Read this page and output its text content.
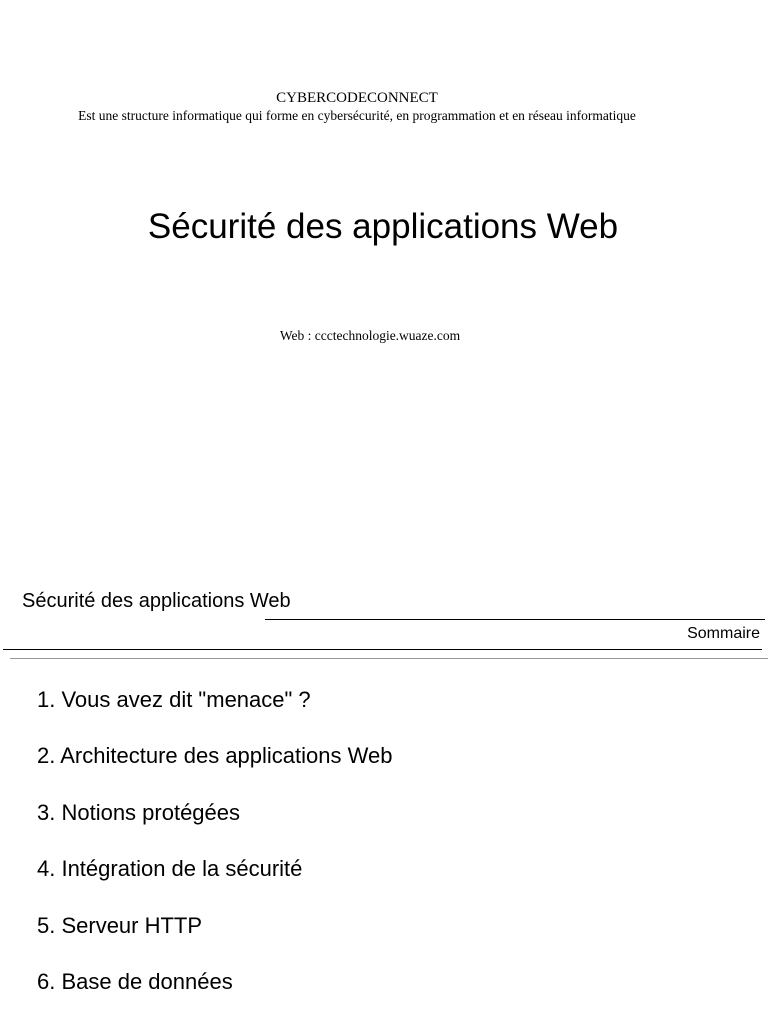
CYBERCODECONNECT
Est une structure informatique qui forme en cybersécurité, en programmation et en réseau informatique
Sécurité des applications Web
Web : ccctechnologie.wuaze.com
Sécurité des applications Web
Sommaire
1. Vous avez dit "menace" ?
2. Architecture des applications Web
3. Notions protégées
4. Intégration de la sécurité
5. Serveur HTTP
6. Base de données
